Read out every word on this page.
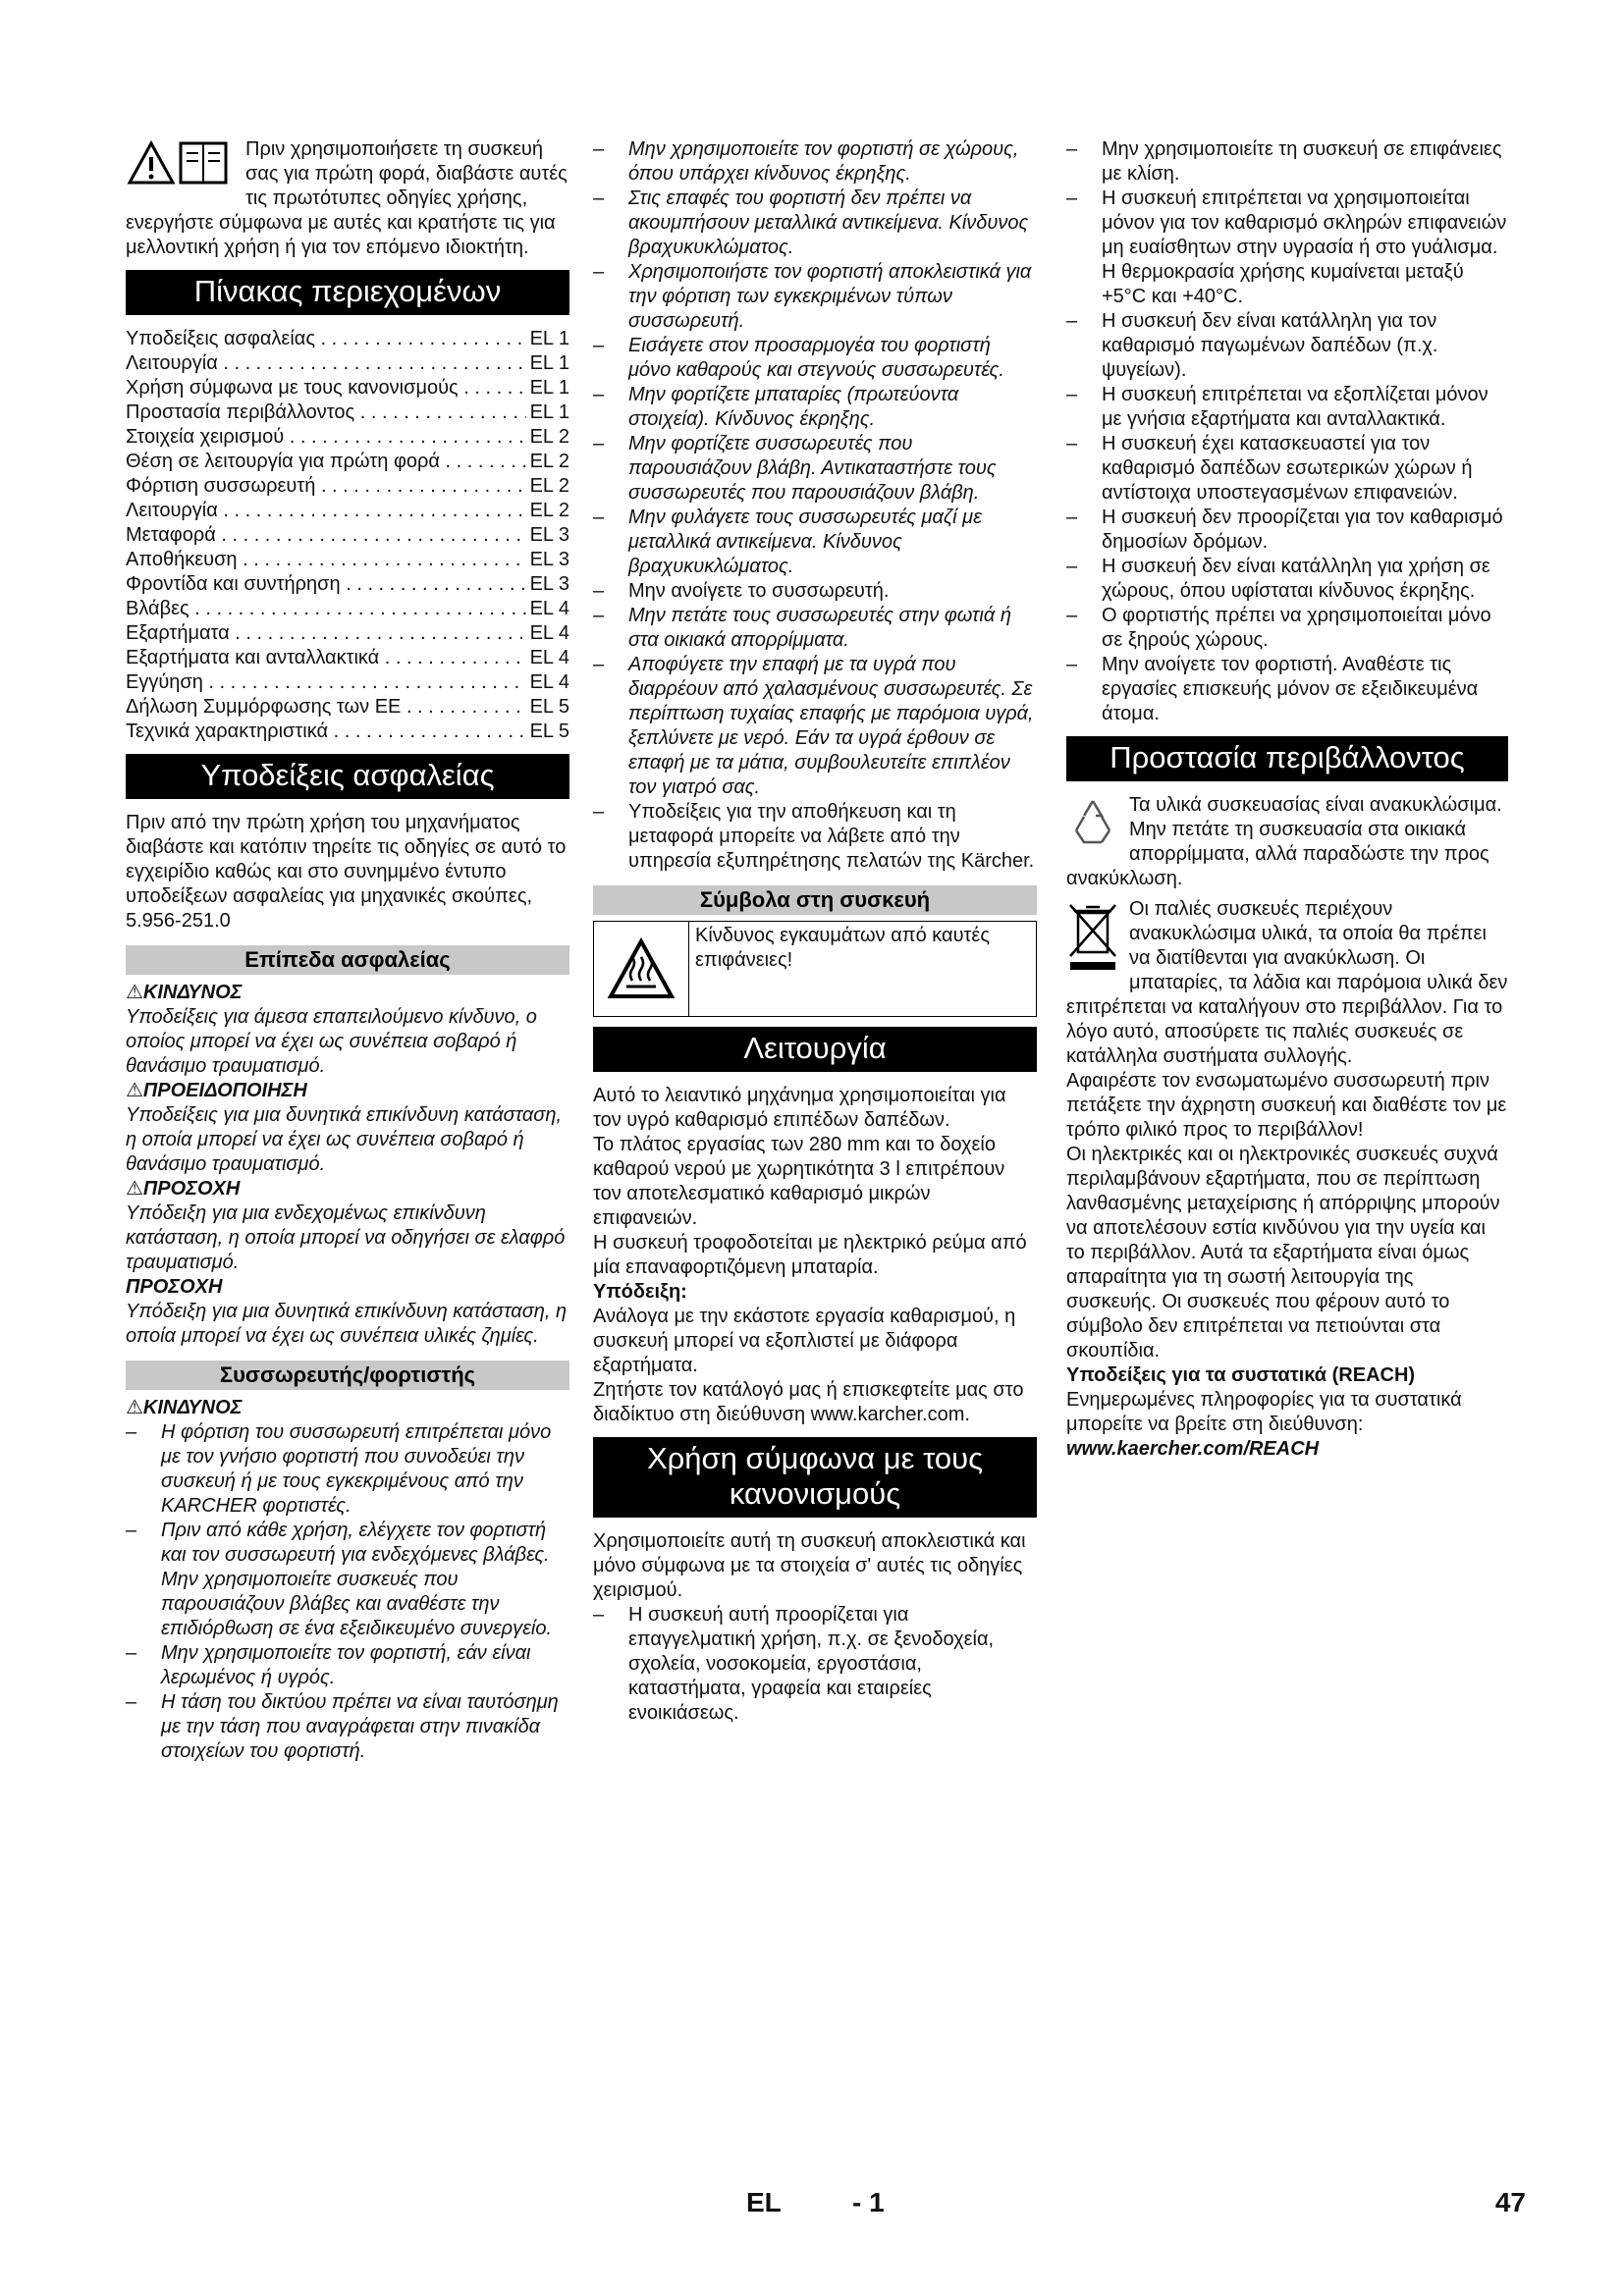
Πριν χρησιμοποιήσετε τη συσκευή σας για πρώτη φορά, διαβάστε αυτές τις πρωτότυπες οδηγίες χρήσης, ενεργήστε σύμφωνα με αυτές και κρατήστε τις για μελλοντική χρήση ή για τον επόμενο ιδιοκτήτη.

Πίνακας περιεχομένων
Υποδείξεις ασφαλείας . . .	EL 1
Λειτουργία . . .	EL 1
Χρήση σύμφωνα με τους κανονισμούς . . .	EL 1
Προστασία περιβάλλοντος . . .	EL 1
Στοιχεία χειρισμού . . .	EL 2
Θέση σε λειτουργία για πρώτη φορά . . .	EL 2
Φόρτιση συσσωρευτή . . .	EL 2
Λειτουργία . . .	EL 2
Μεταφορά . . .	EL 3
Αποθήκευση . . .	EL 3
Φροντίδα και συντήρηση . . .	EL 3
Βλάβες . . .	EL 4
Εξαρτήματα . . .	EL 4
Εξαρτήματα και ανταλλακτικά . . .	EL 4
Εγγύηση . . .	EL 4
Δήλωση Συμμόρφωσης των ΕΕ . . .	EL 5
Τεχνικά χαρακτηριστικά . . .	EL 5
Υποδείξεις ασφαλείας

Πριν από την πρώτη χρήση του μηχανήματος διαβάστε και κατόπιν τηρείτε τις οδηγίες σε αυτό το εγχειρίδιο καθώς και στο συνημμένο έντυπο υποδείξεων ασφαλείας για μηχανικές σκούπες, 5.956-251.0

Επίπεδα ασφαλείας

⚠ΚΙΝΔΥΝΟΣ

Υποδείξεις για άμεσα επαπειλούμενο κίνδυνο, ο οποίος μπορεί να έχει ως συνέπεια σοβαρό ή θανάσιμο τραυματισμό.

⚠ΠΡΟΕΙΔΟΠΟΙΗΣΗ

Υποδείξεις για μια δυνητικά επικίνδυνη κατάσταση, η οποία μπορεί να έχει ως συνέπεια σοβαρό ή θανάσιμο τραυματισμό.

⚠ΠΡΟΣΟΧΗ

Υπόδειξη για μια ενδεχομένως επικίνδυνη κατάσταση, η οποία μπορεί να οδηγήσει σε ελαφρό τραυματισμό.

ΠΡΟΣΟΧΗ

Υπόδειξη για μια δυνητικά επικίνδυνη κατάσταση, η οποία μπορεί να έχει ως συνέπεια υλικές ζημίες.

Συσσωρευτής/φορτιστής

⚠ΚΙΝΔΥΝΟΣ

–	Η φόρτιση του συσσωρευτή επιτρέπεται μόνο με τον γνήσιο φορτιστή που συνοδεύει την συσκευή ή με τους εγκεκριμένους από την KARCHER φορτιστές.
–	Πριν από κάθε χρήση, ελέγχετε τον φορτιστή και τον συσσωρευτή για ενδεχόμενες βλάβες. Μην χρησιμοποιείτε συσκευές που παρουσιάζουν βλάβες και αναθέστε την επιδιόρθωση σε ένα εξειδικευμένο συνεργείο.
–	Μην χρησιμοποιείτε τον φορτιστή, εάν είναι λερωμένος ή υγρός.
–	Η τάση του δικτύου πρέπει να είναι ταυτόσημη με την τάση που αναγράφεται στην πινακίδα στοιχείων του φορτιστή.
–	Μην χρησιμοποιείτε τον φορτιστή σε χώρους, όπου υπάρχει κίνδυνος έκρηξης.
–	Στις επαφές του φορτιστή δεν πρέπει να ακουμπήσουν μεταλλικά αντικείμενα. Κίνδυνος βραχυκυκλώματος.
–	Χρησιμοποιήστε τον φορτιστή αποκλειστικά για την φόρτιση των εγκεκριμένων τύπων συσσωρευτή.
–	Εισάγετε στον προσαρμογέα του φορτιστή μόνο καθαρούς και στεγνούς συσσωρευτές.
–	Μην φορτίζετε μπαταρίες (πρωτεύοντα στοιχεία). Κίνδυνος έκρηξης.
–	Μην φορτίζετε συσσωρευτές που παρουσιάζουν βλάβη. Αντικαταστήστε τους συσσωρευτές που παρουσιάζουν βλάβη.
–	Μην φυλάγετε τους συσσωρευτές μαζί με μεταλλικά αντικείμενα. Κίνδυνος βραχυκυκλώματος.
–	Μην ανοίγετε το συσσωρευτή.
–	Μην πετάτε τους συσσωρευτές στην φωτιά ή στα οικιακά απορρίμματα.
–	Αποφύγετε την επαφή με τα υγρά που διαρρέουν από χαλασμένους συσσωρευτές. Σε περίπτωση τυχαίας επαφής με παρόμοια υγρά, ξεπλύνετε με νερό. Εάν τα υγρά έρθουν σε επαφή με τα μάτια, συμβουλευτείτε επιπλέον τον γιατρό σας.
–	Υποδείξεις για την αποθήκευση και τη μεταφορά μπορείτε να λάβετε από την υπηρεσία εξυπηρέτησης πελατών της Kärcher.
Σύμβολα στη συσκευή
Κίνδυνος εγκαυμάτων από καυτές επιφάνειες!
Λειτουργία

Αυτό το λειαντικό μηχάνημα χρησιμοποιείται για τον υγρό καθαρισμό επιπέδων δαπέδων.

Το πλάτος εργασίας των 280 mm και το δοχείο καθαρού νερού με χωρητικότητα 3 l επιτρέπουν τον αποτελεσματικό καθαρισμό μικρών επιφανειών.

Η συσκευή τροφοδοτείται με ηλεκτρικό ρεύμα από μία επαναφορτιζόμενη μπαταρία.

Υπόδειξη:

Ανάλογα με την εκάστοτε εργασία καθαρισμού, η συσκευή μπορεί να εξοπλιστεί με διάφορα εξαρτήματα.

Ζητήστε τον κατάλογό μας ή επισκεφτείτε μας στο διαδίκτυο στη διεύθυνση www.karcher.com.

Χρήση σύμφωνα με τους κανονισμούς

Χρησιμοποιείτε αυτή τη συσκευή αποκλειστικά και μόνο σύμφωνα με τα στοιχεία σ' αυτές τις οδηγίες χειρισμού.

–	Η συσκευή αυτή προορίζεται για επαγγελματική χρήση, π.χ. σε ξενοδοχεία, σχολεία, νοσοκομεία, εργοστάσια, καταστήματα, γραφεία και εταιρείες ενοικιάσεως.
–	Μην χρησιμοποιείτε τη συσκευή σε επιφάνειες με κλίση.
–	Η συσκευή επιτρέπεται να χρησιμοποιείται μόνον για τον καθαρισμό σκληρών επιφανειών μη ευαίσθητων στην υγρασία ή στο γυάλισμα.
Η θερμοκρασία χρήσης κυμαίνεται μεταξύ +5°C και +40°C.
–	Η συσκευή δεν είναι κατάλληλη για τον καθαρισμό παγωμένων δαπέδων (π.χ. ψυγείων).
–	Η συσκευή επιτρέπεται να εξοπλίζεται μόνον με γνήσια εξαρτήματα και ανταλλακτικά.
–	Η συσκευή έχει κατασκευαστεί για τον καθαρισμό δαπέδων εσωτερικών χώρων ή αντίστοιχα υποστεγασμένων επιφανειών.
–	Η συσκευή δεν προορίζεται για τον καθαρισμό δημοσίων δρόμων.
–	Η συσκευή δεν είναι κατάλληλη για χρήση σε χώρους, όπου υφίσταται κίνδυνος έκρηξης.
–	Ο φορτιστής πρέπει να χρησιμοποιείται μόνο σε ξηρούς χώρους.
–	Μην ανοίγετε τον φορτιστή. Αναθέστε τις εργασίες επισκευής μόνον σε εξειδικευμένα άτομα.
Προστασία περιβάλλοντος

Τα υλικά συσκευασίας είναι ανακυκλώσιμα. Μην πετάτε τη συσκευασία στα οικιακά απορρίμματα, αλλά παραδώστε την προς ανακύκλωση.

Οι παλιές συσκευές περιέχουν ανακυκλώσιμα υλικά, τα οποία θα πρέπει να διατίθενται για ανακύκλωση. Οι μπαταρίες, τα λάδια και παρόμοια υλικά δεν επιτρέπεται να καταλήγουν στο περιβάλλον. Για το λόγο αυτό, αποσύρετε τις παλιές συσκευές σε κατάλληλα συστήματα συλλογής.

Αφαιρέστε τον ενσωματωμένο συσσωρευτή πριν πετάξετε την άχρηστη συσκευή και διαθέστε τον με τρόπο φιλικό προς το περιβάλλον!

Οι ηλεκτρικές και οι ηλεκτρονικές συσκευές συχνά περιλαμβάνουν εξαρτήματα, που σε περίπτωση λανθασμένης μεταχείρισης ή απόρριψης μπορούν να αποτελέσουν εστία κινδύνου για την υγεία και το περιβάλλον. Αυτά τα εξαρτήματα είναι όμως απαραίτητα για τη σωστή λειτουργία της συσκευής. Οι συσκευές που φέρουν αυτό το σύμβολο δεν επιτρέπεται να πετιούνται στα σκουπίδια.

Υποδείξεις για τα συστατικά (REACH)

Ενημερωμένες πληροφορίες για τα συστατικά μπορείτε να βρείτε στη διεύθυνση:

www.kaercher.com/REACH

EL	- 1	47
